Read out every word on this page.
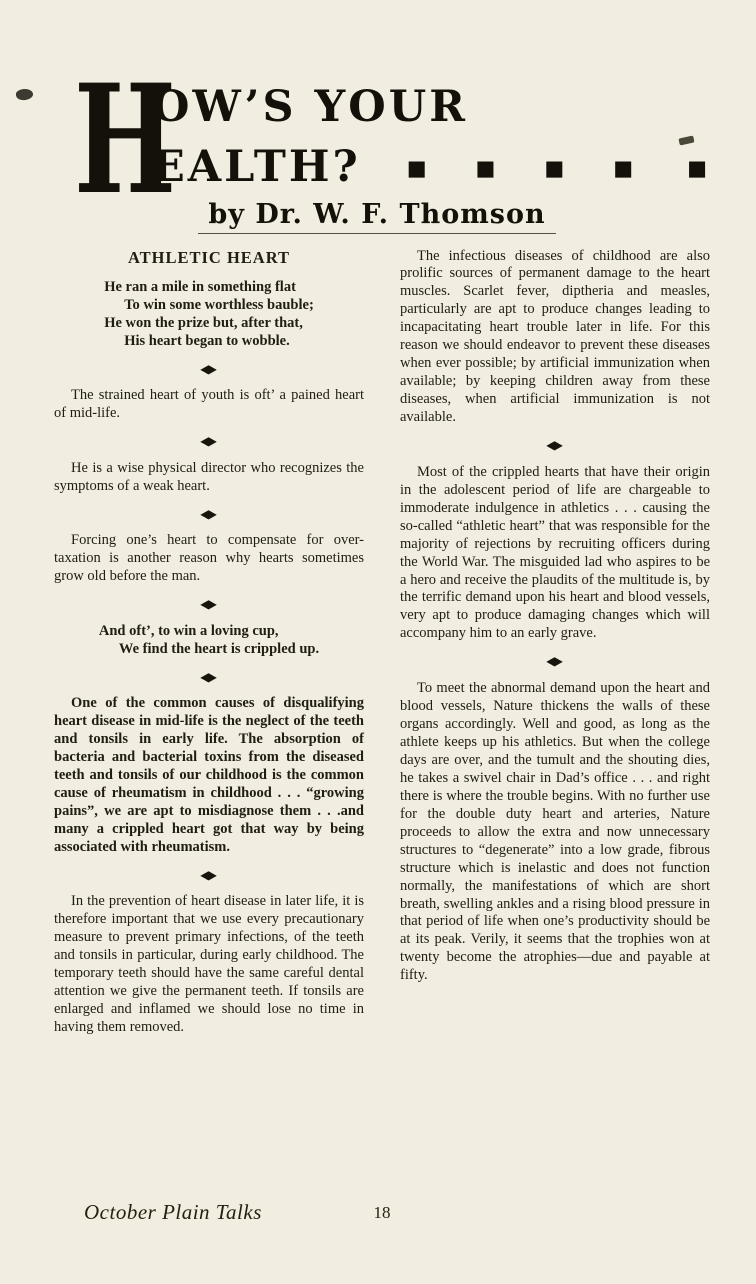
H
OW’S YOUR
EALTH? ■ ■ ■ ■ ■
by Dr. W. F. Thomson
ATHLETIC HEART
He ran a mile in something flat
To win some worthless bauble;
He won the prize but, after that,
His heart began to wobble.
◆

The strained heart of youth is oft’ a pained heart of mid-life.

◆

He is a wise physical director who recognizes the symptoms of a weak heart.

◆

Forcing one’s heart to compensate for over-taxation is another reason why hearts sometimes grow old before the man.

◆
And oft’, to win a loving cup,
We find the heart is crippled up.
◆

One of the common causes of disqualifying heart disease in mid-life is the neglect of the teeth and tonsils in early life. The absorption of bacteria and bacterial toxins from the diseased teeth and tonsils of our childhood is the common cause of rheumatism in childhood . . . “growing pains”, we are apt to misdiagnose them . . .and many a crippled heart got that way by being associated with rheumatism.

◆

In the prevention of heart disease in later life, it is therefore important that we use every precautionary measure to prevent primary infections, of the teeth and tonsils in particular, during early childhood. The temporary teeth should have the same careful dental attention we give the permanent teeth. If tonsils are enlarged and inflamed we should lose no time in having them removed.

The infectious diseases of childhood are also prolific sources of permanent damage to the heart muscles. Scarlet fever, diptheria and measles, particularly are apt to produce changes leading to incapacitating heart trouble later in life. For this reason we should endeavor to prevent these diseases when ever possible; by artificial immunization when available; by keeping children away from these diseases, when artificial immunization is not available.

◆

Most of the crippled hearts that have their origin in the adolescent period of life are chargeable to immoderate indulgence in athletics . . . causing the so-called “athletic heart” that was responsible for the majority of rejections by recruiting officers during the World War. The misguided lad who aspires to be a hero and receive the plaudits of the multitude is, by the terrific demand upon his heart and blood vessels, very apt to produce damaging changes which will accompany him to an early grave.

◆

To meet the abnormal demand upon the heart and blood vessels, Nature thickens the walls of these organs accordingly. Well and good, as long as the athlete keeps up his athletics. But when the college days are over, and the tumult and the shouting dies, he takes a swivel chair in Dad’s office . . . and right there is where the trouble begins. With no further use for the double duty heart and arteries, Nature proceeds to allow the extra and now unnecessary structures to “degenerate” into a low grade, fibrous structure which is inelastic and does not function normally, the manifestations of which are short breath, swelling ankles and a rising blood pressure in that period of life when one’s productivity should be at its peak. Verily, it seems that the trophies won at twenty become the atrophies—due and payable at fifty.

October Plain Talks	18
